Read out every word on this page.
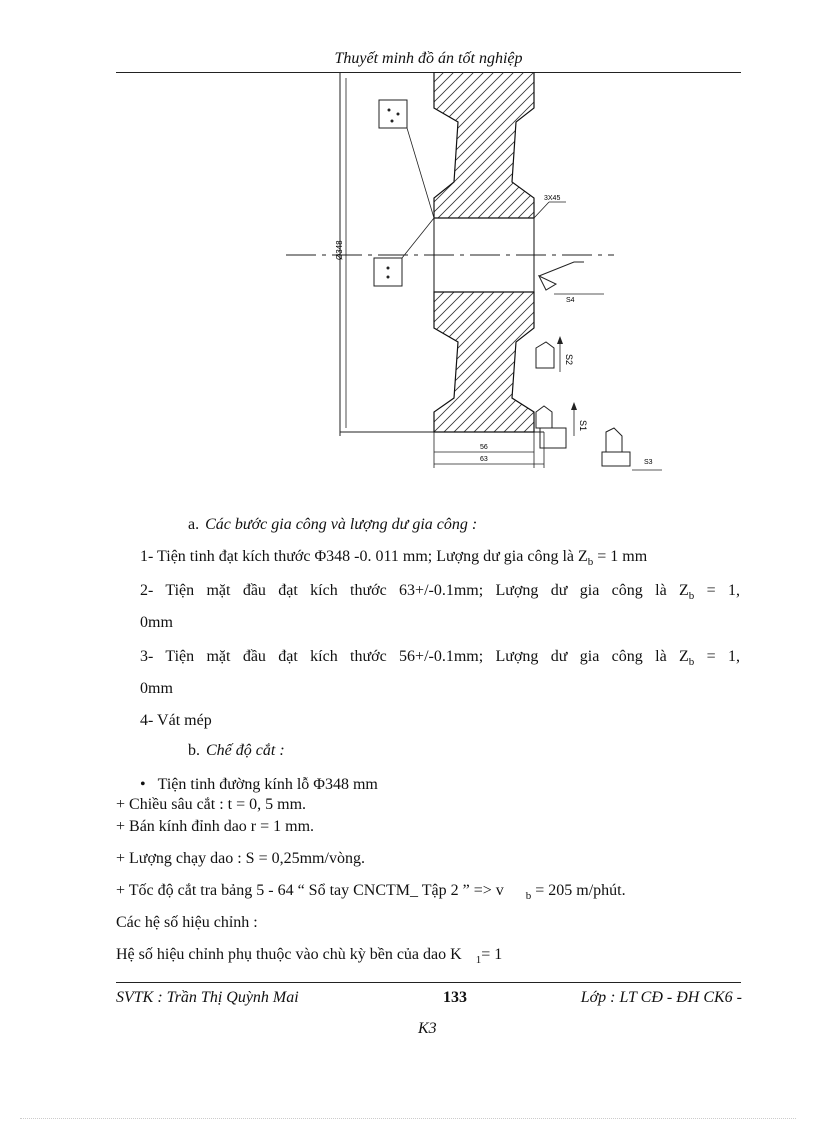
Thuyết minh đồ án tốt nghiệp
Ø348
3X45
56
63
S4
S2
S1
S3
a. Các bước gia công và lượng dư gia công :
1- Tiện tinh đạt kích thước Φ348 -0. 011 mm; Lượng dư gia công là $Z_b = 1$ mm
2- Tiện mặt đầu đạt kích thước 63+/-0.1mm; Lượng dư gia công là $Z_b = 1$,
0mm
3- Tiện mặt đầu đạt kích thước 56+/-0.1mm; Lượng dư gia công là $Z_b = 1$,
0mm
4- Vát mép
b. Chế độ cắt :
• Tiện tinh đường kính lỗ Φ348 mm
+ Chiều sâu cắt : t = 0, 5 mm.
+ Bán kính đỉnh dao r = 1 mm.
+ Lượng chạy dao : S = 0,25mm/vòng.
+ Tốc độ cắt tra bảng 5 - 64 “ Sổ tay CNCTM_ Tập 2 ” => v $_b$ = 205 m/phút.
Các hệ số hiệu chỉnh :
Hệ số hiệu chỉnh phụ thuộc vào chù kỳ bền của dao K $_1$= 1
SVTK : Trần Thị Quỳnh Mai	133	Lớp : LT CĐ - ĐH CK6 -
K3
